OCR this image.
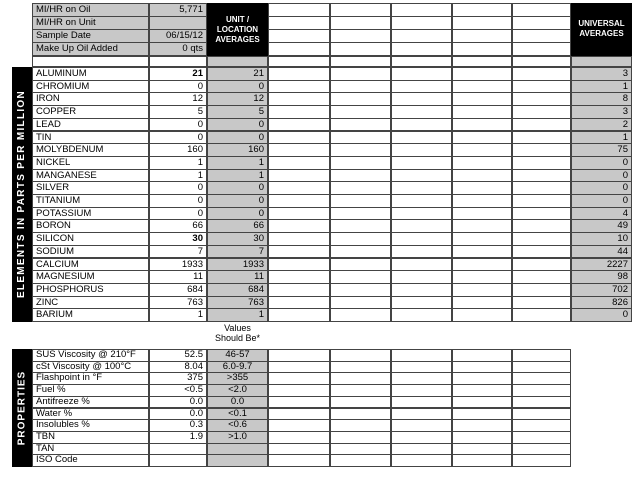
MI/HR on Oil	5,771
MI/HR on Unit
Sample Date	06/15/12
Make Up Oil Added	0 qts
UNIT /
LOCATION
AVERAGES
UNIVERSAL
AVERAGES
ELEMENTS IN PARTS PER MILLION
ALUMINUM	21	21	3
CHROMIUM	0	0	1
IRON	12	12	8
COPPER	5	5	3
LEAD	0	0	2
TIN	0	0	1
MOLYBDENUM	160	160	75
NICKEL	1	1	0
MANGANESE	1	1	0
SILVER	0	0	0
TITANIUM	0	0	0
POTASSIUM	0	0	4
BORON	66	66	49
SILICON	30	30	10
SODIUM	7	7	44
CALCIUM	1933	1933	2227
MAGNESIUM	11	11	98
PHOSPHORUS	684	684	702
ZINC	763	763	826
BARIUM	1	1	0
Values
Should Be*
PROPERTIES
SUS Viscosity @ 210°F	52.5	46-57
cSt Viscosity @ 100°C	8.04	6.0-9.7
Flashpoint in °F	375	>355
Fuel %	<0.5	<2.0
Antifreeze %	0.0	0.0
Water %	0.0	<0.1
Insolubles %	0.3	<0.6
TBN	1.9	>1.0
TAN
ISO Code
